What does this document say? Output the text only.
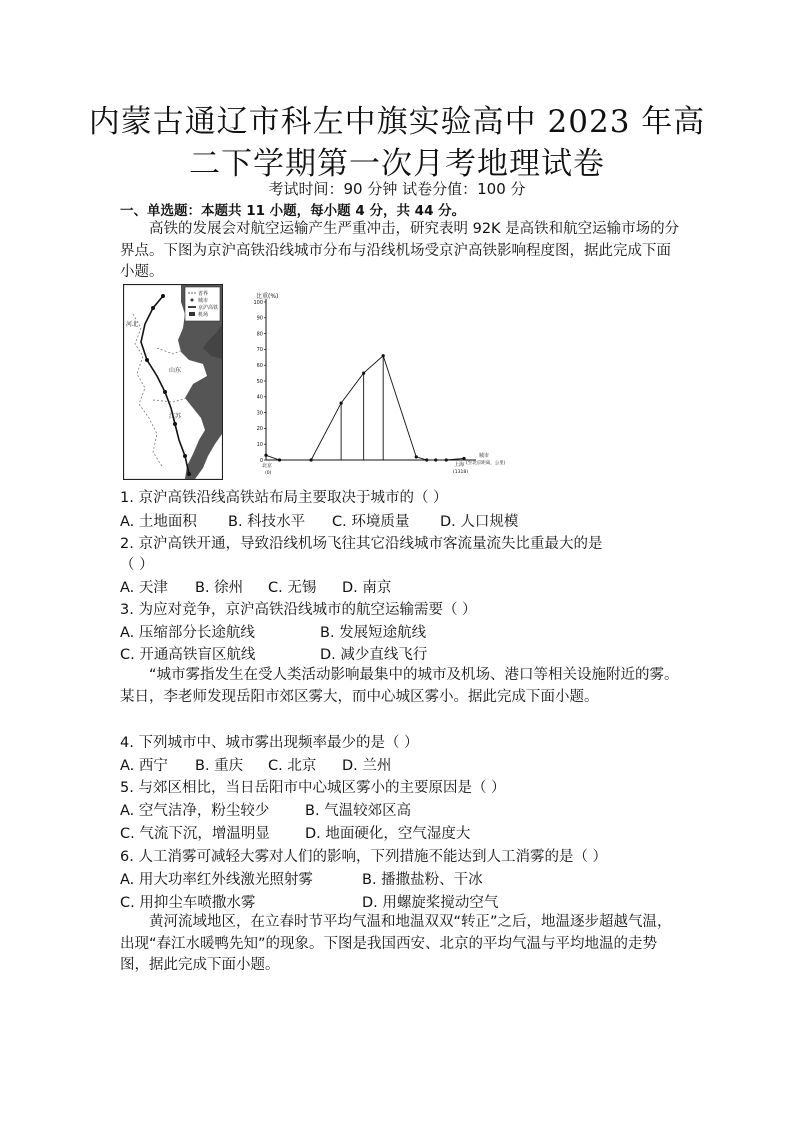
内蒙古通辽市科左中旗实验高中 2023 年高
二下学期第一次月考地理试卷
考试时间：90 分钟 试卷分值：100 分
一、单选题：本题共 11 小题，每小题 4 分，共 44 分。
高铁的发展会对航空运输产生严重冲击，研究表明 92K 是高铁和航空运输市场的分界点。下图为京沪高铁沿线城市分布与沿线机场受京沪高铁影响程度图，据此完成下面小题。
省界
城市
京沪高铁
机场
河北
山东
江苏
0
10
20
30
40
50
60
70
80
90
100
比重(%)
城市
(至北京距离，公里)
北京
(0)
上海
(1318)
1. 京沪高铁沿线高铁站布局主要取决于城市的（ ）
A. 土地面积 B. 科技水平 C. 环境质量 D. 人口规模
2. 京沪高铁开通，导致沿线机场飞往其它沿线城市客流量流失比重最大的是
（ ）
A. 天津 B. 徐州 C. 无锡 D. 南京
3. 为应对竞争，京沪高铁沿线城市的航空运输需要（ ）
A. 压缩部分长途航线	B. 发展短途航线
C. 开通高铁盲区航线	D. 减少直线飞行
“城市雾指发生在受人类活动影响最集中的城市及机场、港口等相关设施附近的雾。某日，李老师发现岳阳市郊区雾大，而中心城区雾小。据此完成下面小题。
4. 下列城市中、城市雾出现频率最少的是（ ）
A. 西宁 B. 重庆 C. 北京 D. 兰州
5. 与郊区相比，当日岳阳市中心城区雾小的主要原因是（ ）
A. 空气洁净，粉尘较少 B. 气温较郊区高
C. 气流下沉，增温明显 D. 地面硬化，空气湿度大
6. 人工消雾可减轻大雾对人们的影响，下列措施不能达到人工消雾的是（ ）
A. 用大功率红外线激光照射雾	B. 播撒盐粉、干冰
C. 用抑尘车喷撒水雾	D. 用螺旋桨搅动空气
黄河流域地区，在立春时节平均气温和地温双双“转正”之后，地温逐步超越气温，出现“春江水暖鸭先知”的现象。下图是我国西安、北京的平均气温与平均地温的走势图，据此完成下面小题。
